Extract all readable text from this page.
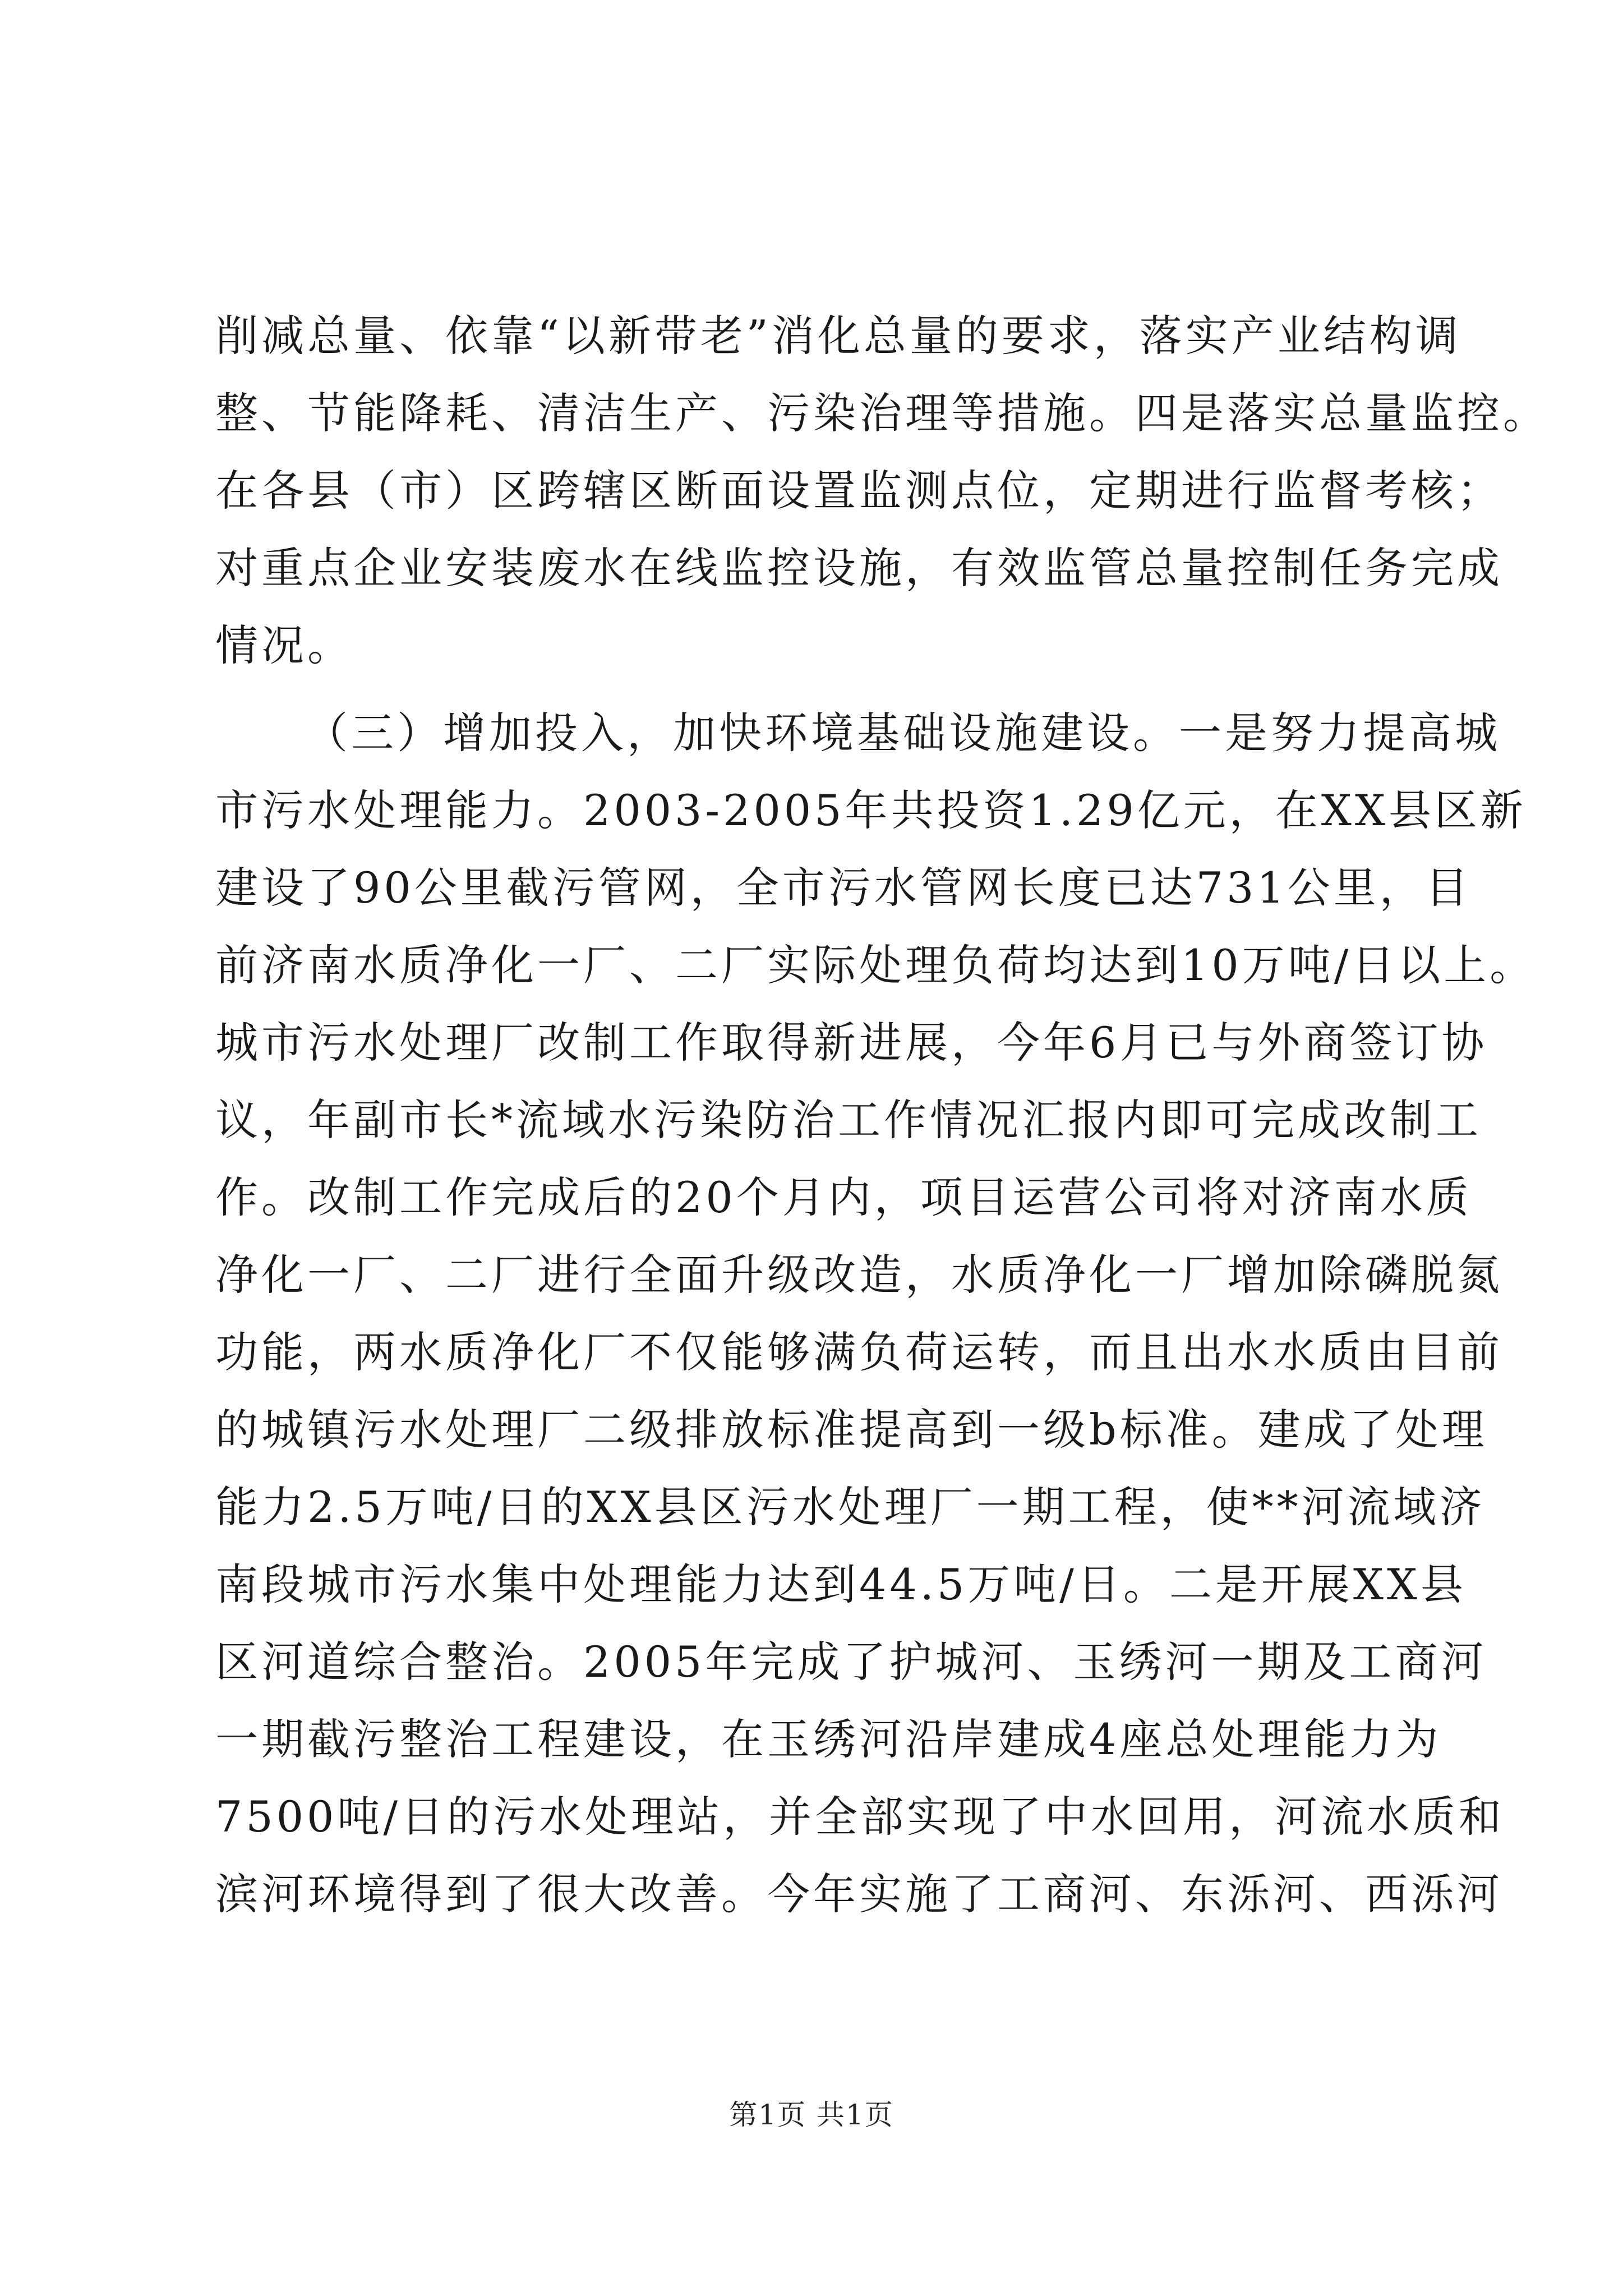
削减总量、依靠“以新带老”消化总量的要求，落实产业结构调
整、节能降耗、清洁生产、污染治理等措施。四是落实总量监控。
在各县（市）区跨辖区断面设置监测点位，定期进行监督考核；
对重点企业安装废水在线监控设施，有效监管总量控制任务完成
情况。
（三）增加投入，加快环境基础设施建设。一是努力提高城
市污水处理能力。2003-2005年共投资1.29亿元，在XX县区新
建设了90公里截污管网，全市污水管网长度已达731公里，目
前济南水质净化一厂、二厂实际处理负荷均达到10万吨/日以上。
城市污水处理厂改制工作取得新进展，今年6月已与外商签订协
议，年副市长*流域水污染防治工作情况汇报内即可完成改制工
作。改制工作完成后的20个月内，项目运营公司将对济南水质
净化一厂、二厂进行全面升级改造，水质净化一厂增加除磷脱氮
功能，两水质净化厂不仅能够满负荷运转，而且出水水质由目前
的城镇污水处理厂二级排放标准提高到一级b标准。建成了处理
能力2.5万吨/日的XX县区污水处理厂一期工程，使**河流域济
南段城市污水集中处理能力达到44.5万吨/日。二是开展XX县
区河道综合整治。2005年完成了护城河、玉绣河一期及工商河
一期截污整治工程建设，在玉绣河沿岸建成4座总处理能力为
7500吨/日的污水处理站，并全部实现了中水回用，河流水质和
滨河环境得到了很大改善。今年实施了工商河、东泺河、西泺河
第1页 共1页
